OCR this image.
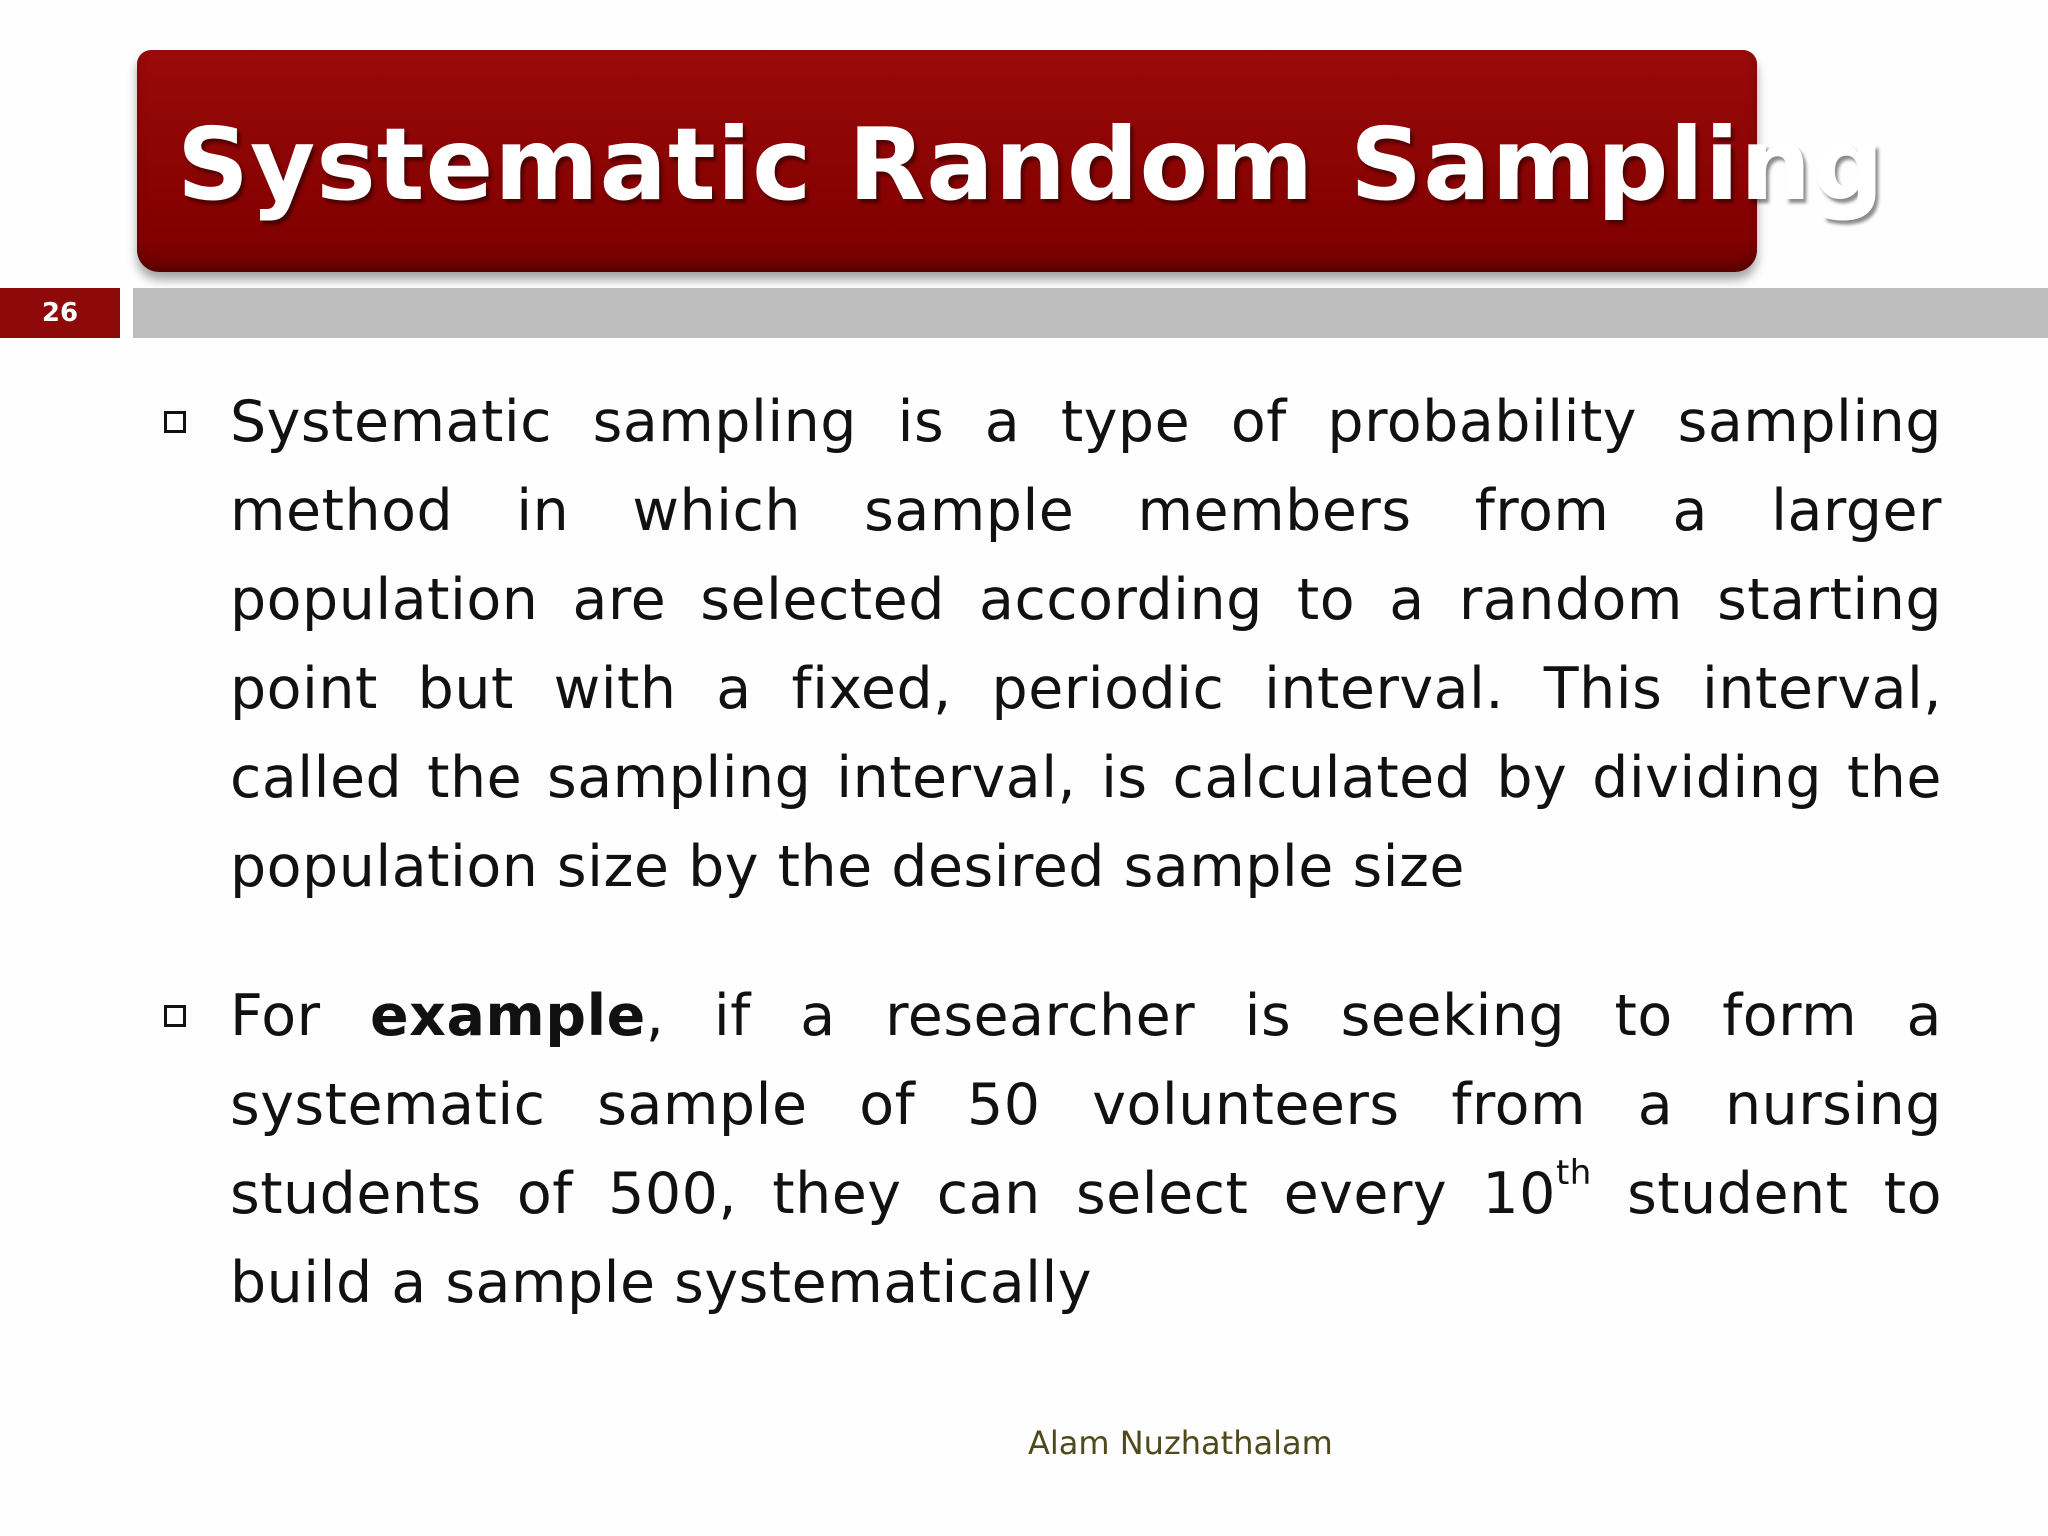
Systematic Random Sampling
26

Systematic sampling is a type of probability sampling method in which sample members from a larger population are selected according to a random starting point but with a fixed, periodic interval. This interval, called the sampling interval, is calculated by dividing the population size by the desired sample size

For example, if a researcher is seeking to form a systematic sample of 50 volunteers from a nursing students of 500, they can select every 10th student to build a sample systematically

Alam Nuzhathalam
